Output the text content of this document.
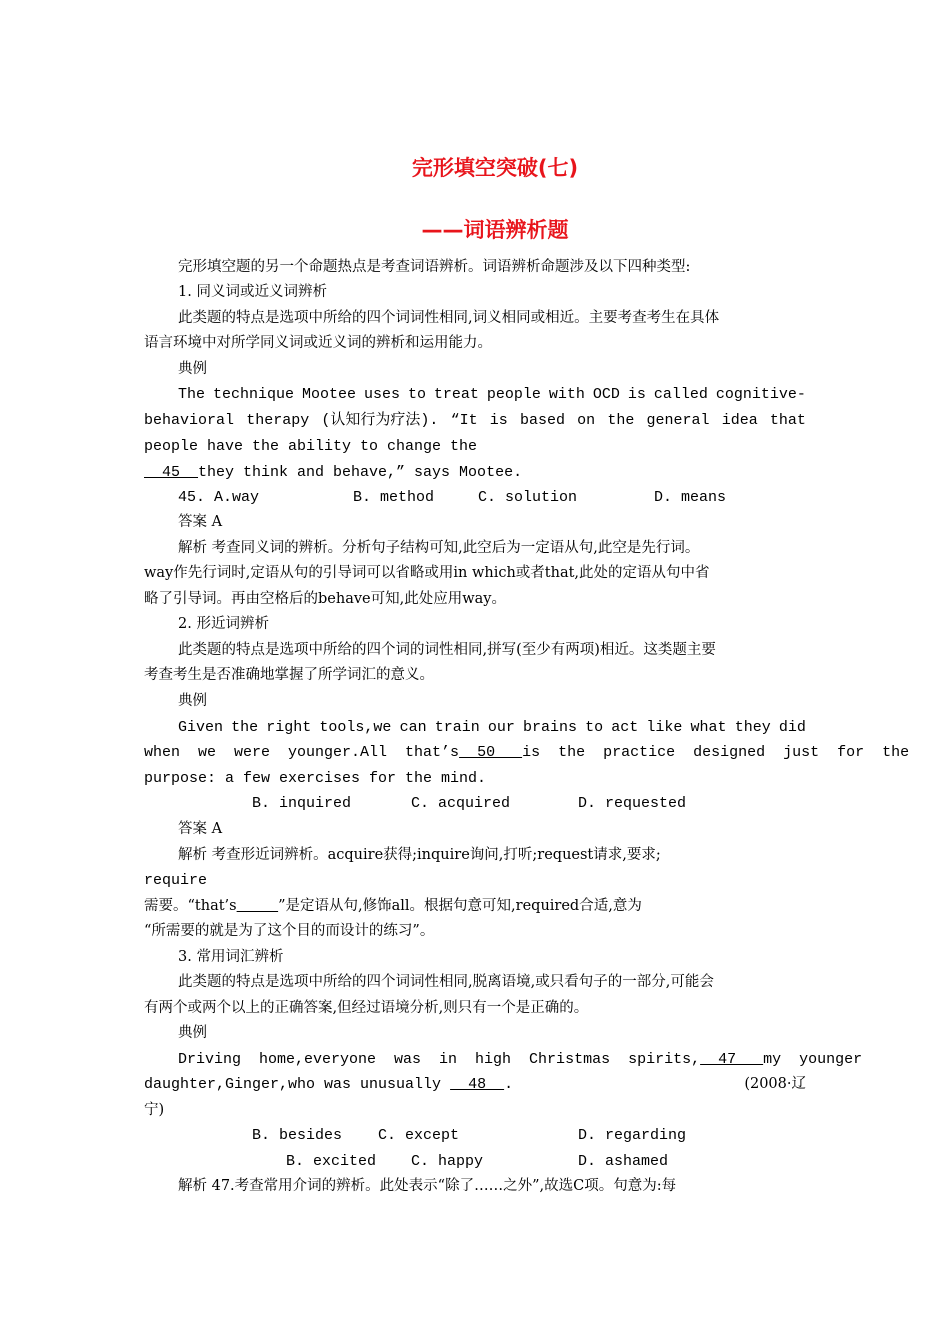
完形填空突破(七)
——词语辨析题
完形填空题的另一个命题热点是考查词语辨析。词语辨析命题涉及以下四种类型:
1. 同义词或近义词辨析
此类题的特点是选项中所给的四个词词性相同,词义相同或相近。主要考查考生在具体
语言环境中对所学同义词或近义词的辨析和运用能力。
典例
The technique Mootee uses to treat people with OCD is called cognitive-
behavioral therapy (认知行为疗法). “It is based on the general idea that
people have the ability to change the
45  they think and behave,” says Mootee.
45. A.way	B. method	C. solution	D. means
答案 A
解析 考查同义词的辨析。分析句子结构可知,此空后为一定语从句,此空是先行词。
way作先行词时,定语从句的引导词可以省略或用in which或者that,此处的定语从句中省
略了引导词。再由空格后的behave可知,此处应用way。
2. 形近词辨析
此类题的特点是选项中所给的四个词的词性相同,拼写(至少有两项)相近。这类题主要
考查考生是否准确地掌握了所学词汇的意义。
典例
Given the right tools,we can train our brains to act like what they did
when  we  were  younger.All  that’s  50 is  the  practice  designed  just  for  the
purpose: a few exercises for the mind.
B. inquired	C. acquired	D. requested
答案 A
解析 考查形近词辨析。acquire获得;inquire询问,打听;request请求,要求;
require
需要。“that’s	”是定语从句,修饰all。根据句意可知,required合适,意为
“所需要的就是为了这个目的而设计的练习”。
3. 常用词汇辨析
此类题的特点是选项中所给的四个词词性相同,脱离语境,或只看句子的一部分,可能会
有两个或两个以上的正确答案,但经过语境分析,则只有一个是正确的。
典例
Driving  home,everyone  was  in  high  Christmas  spirits, 47   my  younger
daughter,Ginger,who was unusually   48  .	(2008·辽
宁)
B. besides C. except	D. regarding
B. excited C. happy	D. ashamed
解析 47.考查常用介词的辨析。此处表示“除了……之外”,故选C项。句意为:每
